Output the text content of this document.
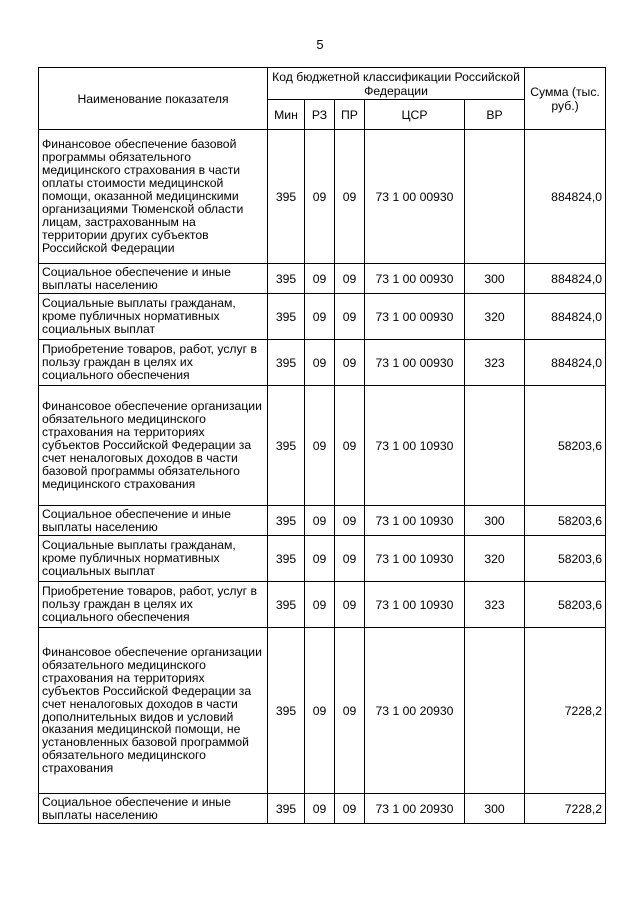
5
Наименование показателя	Код бюджетной классификации Российской Федерации					Сумма (тыс. руб.)
	Мин	РЗ	ПР	ЦСР	ВР	
Финансовое обеспечение базовой программы обязательного медицинского страхования в части оплаты стоимости медицинской помощи, оказанной медицинскими организациями Тюменской области лицам, застрахованным на территории других субъектов Российской Федерации	395	09	09	73 1 00 00930		884824,0
Социальное обеспечение и иные выплаты населению	395	09	09	73 1 00 00930	300	884824,0
Социальные выплаты гражданам, кроме публичных нормативных социальных выплат	395	09	09	73 1 00 00930	320	884824,0
Приобретение товаров, работ, услуг в пользу граждан в целях их социального обеспечения	395	09	09	73 1 00 00930	323	884824,0
Финансовое обеспечение организации обязательного медицинского страхования на территориях субъектов Российской Федерации за счет неналоговых доходов в части базовой программы обязательного медицинского страхования	395	09	09	73 1 00 10930		58203,6
Социальное обеспечение и иные выплаты населению	395	09	09	73 1 00 10930	300	58203,6
Социальные выплаты гражданам, кроме публичных нормативных социальных выплат	395	09	09	73 1 00 10930	320	58203,6
Приобретение товаров, работ, услуг в пользу граждан в целях их социального обеспечения	395	09	09	73 1 00 10930	323	58203,6
Финансовое обеспечение организации обязательного медицинского страхования на территориях субъектов Российской Федерации за счет неналоговых доходов в части дополнительных видов и условий оказания медицинской помощи, не установленных базовой программой обязательного медицинского страхования	395	09	09	73 1 00 20930		7228,2
Социальное обеспечение и иные выплаты населению	395	09	09	73 1 00 20930	300	7228,2
